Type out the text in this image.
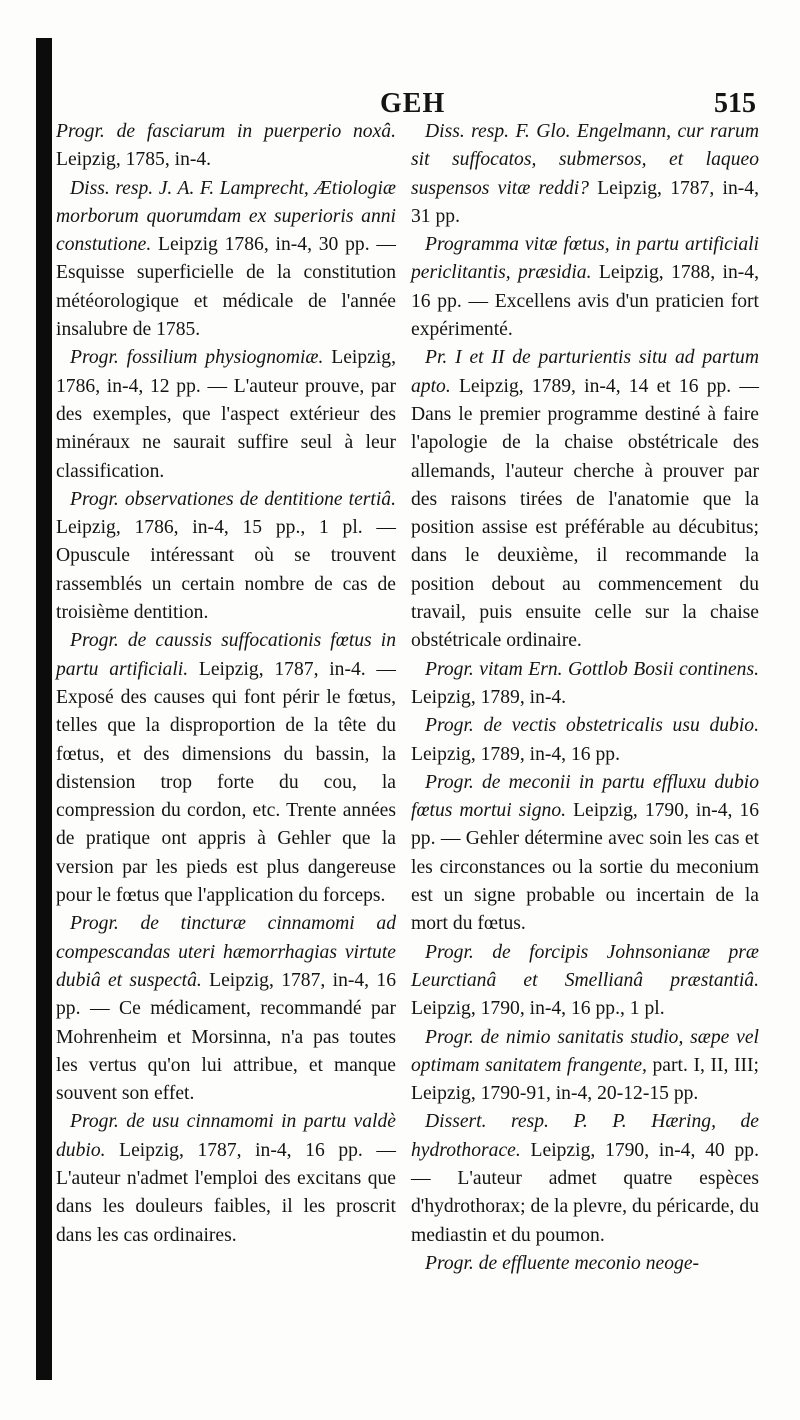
GEH	515

Progr. de fasciarum in puerperio noxâ. Leipzig, 1785, in-4.

Diss. resp. J. A. F. Lamprecht, Ætiologiæ morborum quorumdam ex superioris anni constutione. Leipzig 1786, in-4, 30 pp. — Esquisse superficielle de la constitution météorologique et médicale de l'année insalubre de 1785.

Progr. fossilium physiognomiæ. Leipzig, 1786, in-4, 12 pp. — L'auteur prouve, par des exemples, que l'aspect extérieur des minéraux ne saurait suffire seul à leur classification.

Progr. observationes de dentitione tertiâ. Leipzig, 1786, in-4, 15 pp., 1 pl. — Opuscule intéressant où se trouvent rassemblés un certain nombre de cas de troisième dentition.

Progr. de caussis suffocationis fœtus in partu artificiali. Leipzig, 1787, in-4. — Exposé des causes qui font périr le fœtus, telles que la disproportion de la tête du fœtus, et des dimensions du bassin, la distension trop forte du cou, la compression du cordon, etc. Trente années de pratique ont appris à Gehler que la version par les pieds est plus dangereuse pour le fœtus que l'application du forceps.

Progr. de tincturæ cinnamomi ad compescandas uteri hæmorrhagias virtute dubiâ et suspectâ. Leipzig, 1787, in-4, 16 pp. — Ce médicament, recommandé par Mohrenheim et Morsinna, n'a pas toutes les vertus qu'on lui attribue, et manque souvent son effet.

Progr. de usu cinnamomi in partu valdè dubio. Leipzig, 1787, in-4, 16 pp. — L'auteur n'admet l'emploi des excitans que dans les douleurs faibles, il les proscrit dans les cas ordinaires.

Diss. resp. F. Glo. Engelmann, cur rarum sit suffocatos, submersos, et laqueo suspensos vitæ reddi? Leipzig, 1787, in-4, 31 pp.

Programma vitæ fœtus, in partu artificiali periclitantis, præsidia. Leipzig, 1788, in-4, 16 pp. — Excellens avis d'un praticien fort expérimenté.

Pr. I et II de parturientis situ ad partum apto. Leipzig, 1789, in-4, 14 et 16 pp. — Dans le premier programme destiné à faire l'apologie de la chaise obstétricale des allemands, l'auteur cherche à prouver par des raisons tirées de l'anatomie que la position assise est préférable au décubitus; dans le deuxième, il recommande la position debout au commencement du travail, puis ensuite celle sur la chaise obstétricale ordinaire.

Progr. vitam Ern. Gottlob Bosii continens. Leipzig, 1789, in-4.

Progr. de vectis obstetricalis usu dubio. Leipzig, 1789, in-4, 16 pp.

Progr. de meconii in partu effluxu dubio fœtus mortui signo. Leipzig, 1790, in-4, 16 pp. — Gehler détermine avec soin les cas et les circonstances ou la sortie du meconium est un signe probable ou incertain de la mort du fœtus.

Progr. de forcipis Johnsonianæ præ Leurctianâ et Smellianâ præstantiâ. Leipzig, 1790, in-4, 16 pp., 1 pl.

Progr. de nimio sanitatis studio, sæpe vel optimam sanitatem frangente, part. I, II, III; Leipzig, 1790-91, in-4, 20-12-15 pp.

Dissert. resp. P. P. Hæring, de hydrothorace. Leipzig, 1790, in-4, 40 pp. — L'auteur admet quatre espèces d'hydrothorax; de la plevre, du péricarde, du mediastin et du poumon.

Progr. de effluente meconio neoge-
